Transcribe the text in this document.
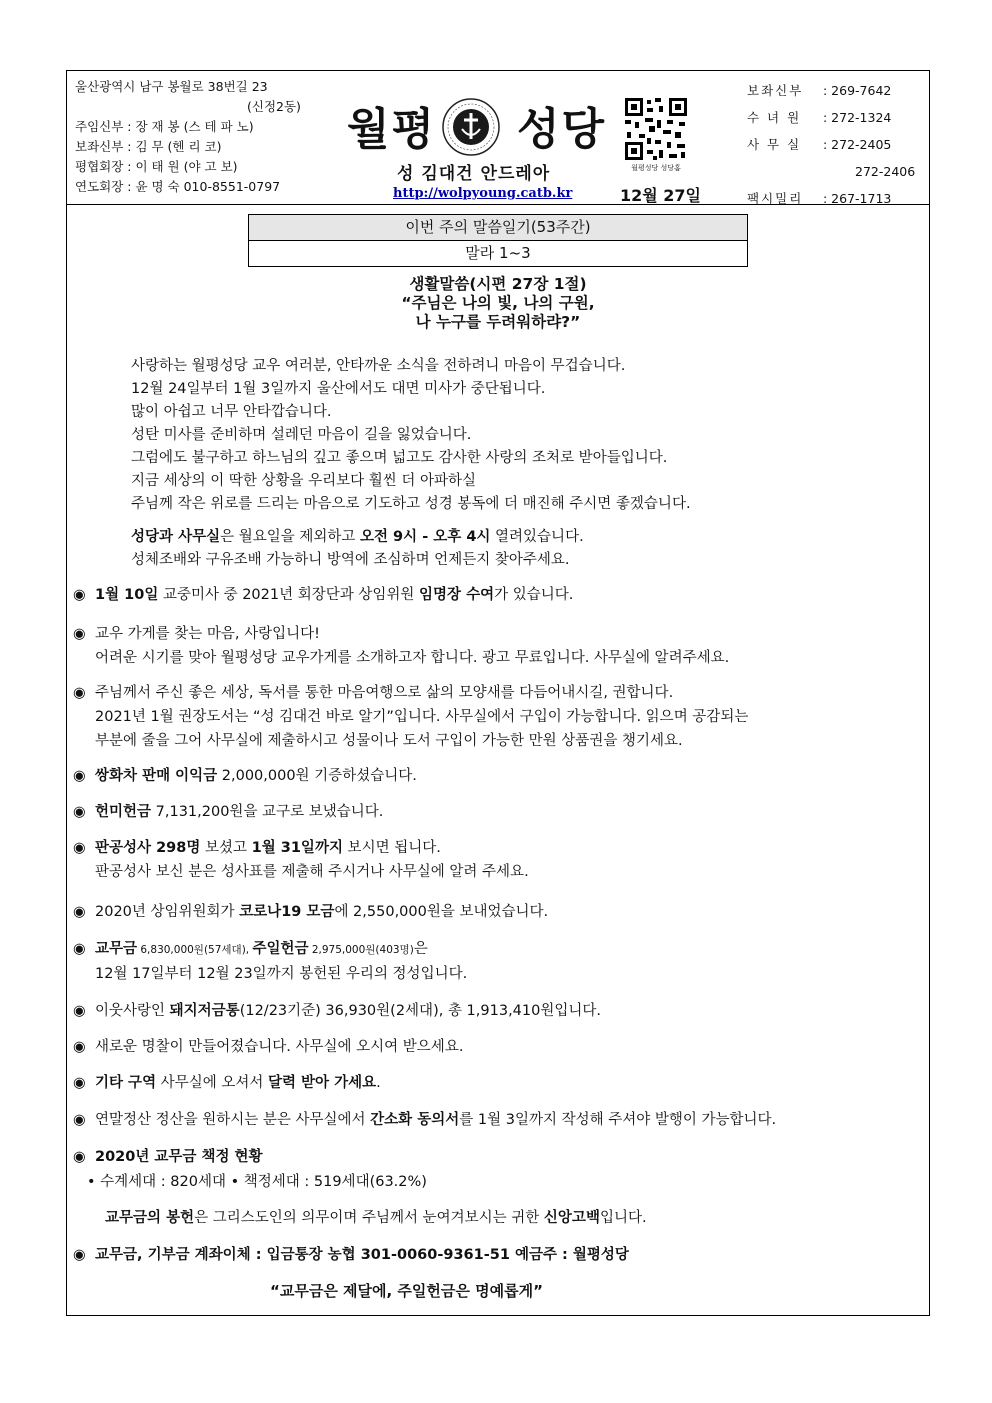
울산광역시 남구 봉월로 38번길 23
(신정2동)
주임신부 : 장 재 봉 (스 테 파 노)
보좌신부 : 김 무 (헨 리 코)
평협회장 : 이 태 원 (야 고 보)
연도회장 : 윤 명 숙 010-8551-0797
월평 성당
성 김대건 안드레아
http://wolpyoung.catb.kr	12월 27일
월평성당 성당홈
보좌신부 : 269-7642
수 녀 원 : 272-1324
사 무 실 : 272-2405
272-2406
팩시밀리 : 267-1713
이번 주의 말씀일기(53주간)
말라 1~3
생활말씀(시편 27장 1절)
“주님은 나의 빛, 나의 구원,
나 누구를 두려워하랴?”

사랑하는 월평성당 교우 여러분, 안타까운 소식을 전하려니 마음이 무겁습니다.

12월 24일부터 1월 3일까지 울산에서도 대면 미사가 중단됩니다.

많이 아쉽고 너무 안타깝습니다.

성탄 미사를 준비하며 설레던 마음이 길을 잃었습니다.

그럼에도 불구하고 하느님의 깊고 좋으며 넓고도 감사한 사랑의 조처로 받아들입니다.

지금 세상의 이 딱한 상황을 우리보다 훨씬 더 아파하실

주님께 작은 위로를 드리는 마음으로 기도하고 성경 봉독에 더 매진해 주시면 좋겠습니다.

성당과 사무실은 월요일을 제외하고 오전 9시 - 오후 4시 열려있습니다.

성체조배와 구유조배 가능하니 방역에 조심하며 언제든지 찾아주세요.

◉ 1월 10일 교중미사 중 2021년 회장단과 상임위원 임명장 수여가 있습니다.
◉ 교우 가게를 찾는 마음, 사랑입니다!
어려운 시기를 맞아 월평성당 교우가게를 소개하고자 합니다. 광고 무료입니다. 사무실에 알려주세요.
◉ 주님께서 주신 좋은 세상, 독서를 통한 마음여행으로 삶의 모양새를 다듬어내시길, 권합니다.
2021년 1월 권장도서는 “성 김대건 바로 알기”입니다. 사무실에서 구입이 가능합니다. 읽으며 공감되는
부분에 줄을 그어 사무실에 제출하시고 성물이나 도서 구입이 가능한 만원 상품권을 챙기세요.
◉ 쌍화차 판매 이익금 2,000,000원 기증하셨습니다.
◉ 헌미헌금 7,131,200원을 교구로 보냈습니다.
◉ 판공성사 298명 보셨고 1월 31일까지 보시면 됩니다.
판공성사 보신 분은 성사표를 제출해 주시거나 사무실에 알려 주세요.
◉ 2020년 상임위원회가 코로나19 모금에 2,550,000원을 보내었습니다.
◉ 교무금 6,830,000원(57세대), 주일헌금 2,975,000원(403명)은
12월 17일부터 12월 23일까지 봉헌된 우리의 정성입니다.
◉ 이웃사랑인 돼지저금통(12/23기준) 36,930원(2세대), 총 1,913,410원입니다.
◉ 새로운 명찰이 만들어졌습니다. 사무실에 오시여 받으세요.
◉ 기타 구역 사무실에 오셔서 달력 받아 가세요.
◉ 연말정산 정산을 원하시는 분은 사무실에서 간소화 동의서를 1월 3일까지 작성해 주셔야 발행이 가능합니다.
◉ 2020년 교무금 책정 현황
• 수계세대 : 820세대 • 책정세대 : 519세대(63.2%)
교무금의 봉헌은 그리스도인의 의무이며 주님께서 눈여겨보시는 귀한 신앙고백입니다.
◉ 교무금, 기부금 계좌이체 : 입금통장 농협 301-0060-9361-51 예금주 : 월평성당
“교무금은 제달에, 주일헌금은 명예롭게”
